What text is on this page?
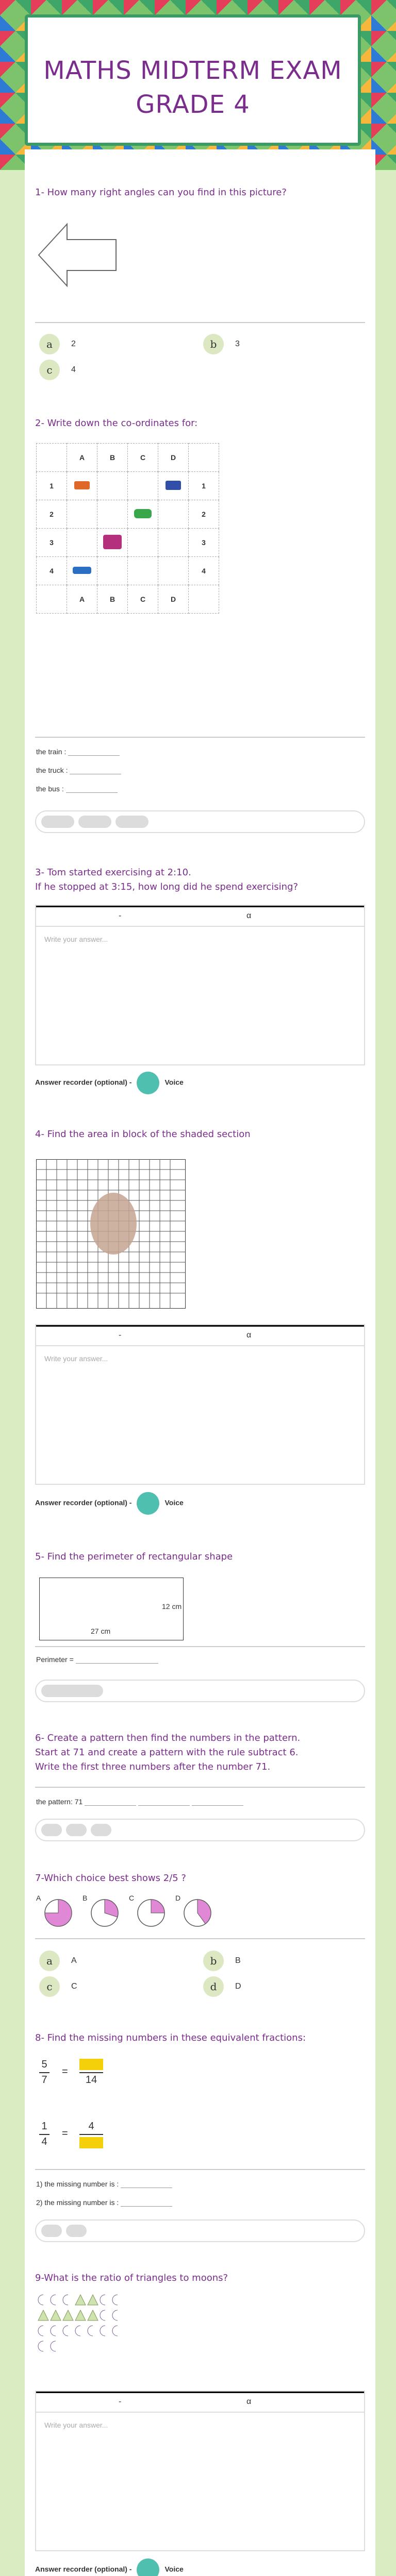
MATHS MIDTERM EXAM GRADE 4
1- How many right angles can you find in this picture?
a 2	b 3
c 4
2- Write down the co-ordinates for:
	A	B	C	D	
1					1
2					2
3					3
4					4
	A	B	C	D	
the train :
the truck :
the bus :
3- Tom started exercising at 2:10.
If he stopped at 3:15, how long did he spend exercising?
-	α
Write your answer...
Answer recorder (optional) -	Voice
4- Find the area in block of the shaded section
-	α
Write your answer...
Answer recorder (optional) -	Voice
5- Find the perimeter of rectangular shape
12 cm
27 cm
Perimeter =
6- Create a pattern then find the numbers in the pattern.
Start at 71 and create a pattern with the rule subtract 6.
Write the first three numbers after the number 71.
the pattern: 71
7-Which choice best shows 2/5 ?
A	B	C	D
a A	b B
c C	d D
8- Find the missing numbers in these equivalent fractions:
5
7
=
14
1
4
=
4
1) the missing number is :
2) the missing number is :
9-What is the ratio of triangles to moons?
-	α
Write your answer...
Answer recorder (optional) -	Voice
